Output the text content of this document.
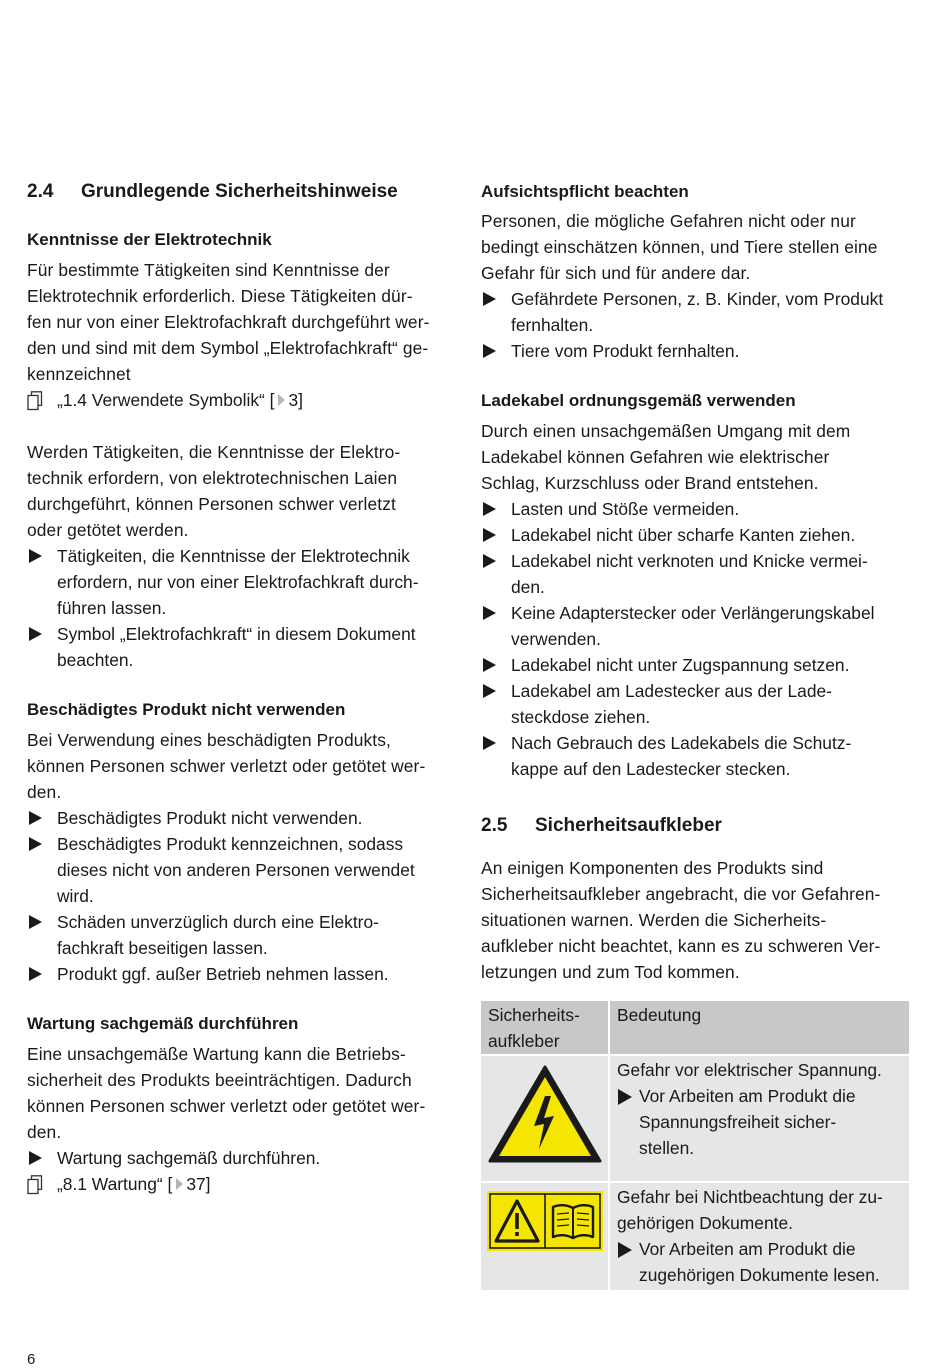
2.4 Grundlegende Sicherheitshinweise
Kenntnisse der Elektrotechnik
Für bestimmte Tätigkeiten sind Kenntnisse der
Elektrotechnik erforderlich. Diese Tätigkeiten dür-
fen nur von einer Elektrofachkraft durchgeführt wer-
den und sind mit dem Symbol „Elektrofachkraft“ ge-
kennzeichnet
„1.4 Verwendete Symbolik“ [ 3]
Werden Tätigkeiten, die Kenntnisse der Elektro-
technik erfordern, von elektrotechnischen Laien
durchgeführt, können Personen schwer verletzt
oder getötet werden.
Tätigkeiten, die Kenntnisse der Elektrotechnik
erfordern, nur von einer Elektrofachkraft durch-
führen lassen.
Symbol „Elektrofachkraft“ in diesem Dokument
beachten.
Beschädigtes Produkt nicht verwenden
Bei Verwendung eines beschädigten Produkts,
können Personen schwer verletzt oder getötet wer-
den.
Beschädigtes Produkt nicht verwenden.
Beschädigtes Produkt kennzeichnen, sodass
dieses nicht von anderen Personen verwendet
wird.
Schäden unverzüglich durch eine Elektro-
fachkraft beseitigen lassen.
Produkt ggf. außer Betrieb nehmen lassen.
Wartung sachgemäß durchführen
Eine unsachgemäße Wartung kann die Betriebs-
sicherheit des Produkts beeinträchtigen. Dadurch
können Personen schwer verletzt oder getötet wer-
den.
Wartung sachgemäß durchführen.
„8.1 Wartung“ [ 37]
Aufsichtspflicht beachten
Personen, die mögliche Gefahren nicht oder nur
bedingt einschätzen können, und Tiere stellen eine
Gefahr für sich und für andere dar.
Gefährdete Personen, z. B. Kinder, vom Produkt
fernhalten.
Tiere vom Produkt fernhalten.
Ladekabel ordnungsgemäß verwenden
Durch einen unsachgemäßen Umgang mit dem
Ladekabel können Gefahren wie elektrischer
Schlag, Kurzschluss oder Brand entstehen.
Lasten und Stöße vermeiden.
Ladekabel nicht über scharfe Kanten ziehen.
Ladekabel nicht verknoten und Knicke vermei-
den.
Keine Adapterstecker oder Verlängerungskabel
verwenden.
Ladekabel nicht unter Zugspannung setzen.
Ladekabel am Ladestecker aus der Lade-
steckdose ziehen.
Nach Gebrauch des Ladekabels die Schutz-
kappe auf den Ladestecker stecken.
2.5 Sicherheitsaufkleber
An einigen Komponenten des Produkts sind
Sicherheitsaufkleber angebracht, die vor Gefahren-
situationen warnen. Werden die Sicherheits-
aufkleber nicht beachtet, kann es zu schweren Ver-
letzungen und zum Tod kommen.
Sicherheits-
aufkleber	Bedeutung

Gefahr vor elektrischer Spannung.
Vor Arbeiten am Produkt die
Spannungsfreiheit sicher-
stellen.

Gefahr bei Nichtbeachtung der zu-
gehörigen Dokumente.
Vor Arbeiten am Produkt die
zugehörigen Dokumente lesen.
6
